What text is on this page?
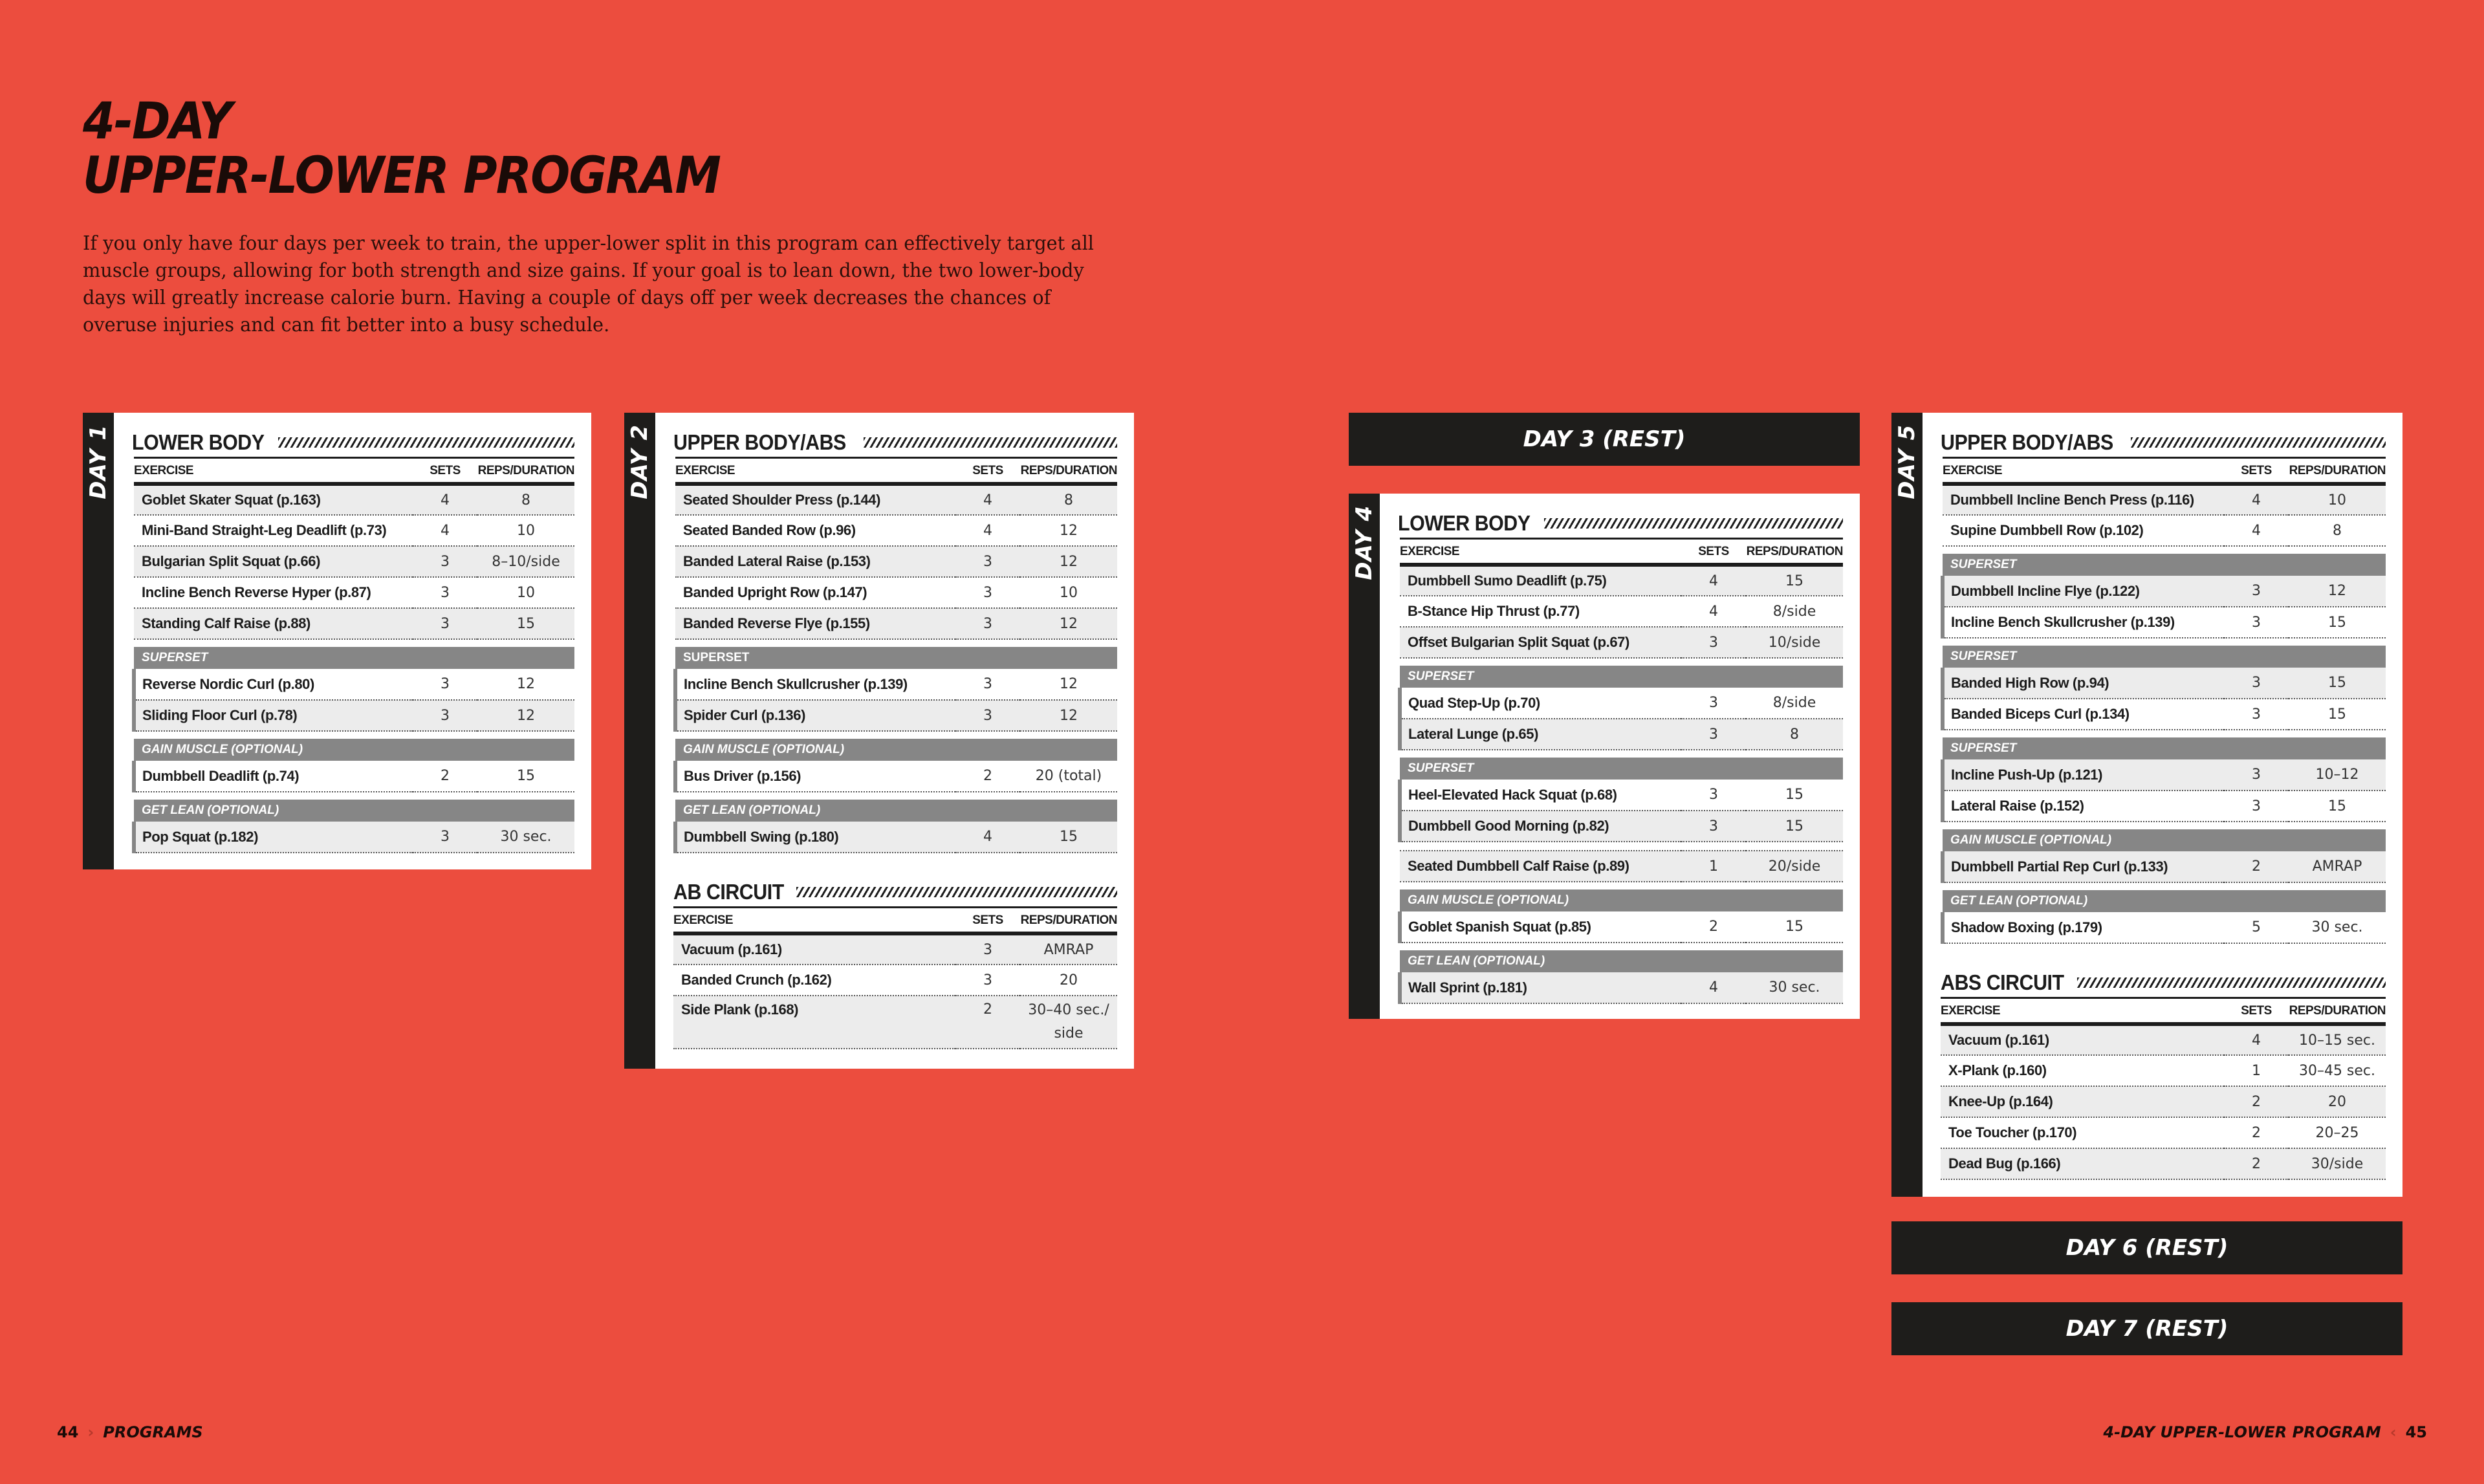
4-DAY
UPPER-LOWER PROGRAM

If you only have four days per week to train, the upper-lower split in this program can effectively target all muscle groups, allowing for both strength and size gains. If your goal is to lean down, the two lower-body days will greatly increase calorie burn. Having a couple of days off per week decreases the chances of overuse injuries and can fit better into a busy schedule.

DAY 1 LOWER BODY
EXERCISE	SETS	REPS/DURATION
Goblet Skater Squat (p.163)	4	8
Mini-Band Straight-Leg Deadlift (p.73)	4	10
Bulgarian Split Squat (p.66)	3	8–10/side
Incline Bench Reverse Hyper (p.87)	3	10
Standing Calf Raise (p.88)	3	15

SUPERSET		
Reverse Nordic Curl (p.80)	3	12
Sliding Floor Curl (p.78)	3	12

GAIN MUSCLE (OPTIONAL)		
Dumbbell Deadlift (p.74)	2	15

GET LEAN (OPTIONAL)		
Pop Squat (p.182)	3	30 sec.
DAY 2 UPPER BODY/ABS
EXERCISE	SETS	REPS/DURATION
Seated Shoulder Press (p.144)	4	8
Seated Banded Row (p.96)	4	12
Banded Lateral Raise (p.153)	3	12
Banded Upright Row (p.147)	3	10
Banded Reverse Flye (p.155)	3	12

SUPERSET		
Incline Bench Skullcrusher (p.139)	3	12
Spider Curl (p.136)	3	12

GAIN MUSCLE (OPTIONAL)		
Bus Driver (p.156)	2	20 (total)

GET LEAN (OPTIONAL)		
Dumbbell Swing (p.180)	4	15
AB CIRCUIT
EXERCISE	SETS	REPS/DURATION
Vacuum (p.161)	3	AMRAP
Banded Crunch (p.162)	3	20
Side Plank (p.168)	2	30–40 sec./ side
DAY 3 (REST)
DAY 4 LOWER BODY
EXERCISE	SETS	REPS/DURATION
Dumbbell Sumo Deadlift (p.75)	4	15
B-Stance Hip Thrust (p.77)	4	8/side
Offset Bulgarian Split Squat (p.67)	3	10/side

SUPERSET		
Quad Step-Up (p.70)	3	8/side
Lateral Lunge (p.65)	3	8

SUPERSET		
Heel-Elevated Hack Squat (p.68)	3	15
Dumbbell Good Morning (p.82)	3	15

Seated Dumbbell Calf Raise (p.89)	1	20/side

GAIN MUSCLE (OPTIONAL)		
Goblet Spanish Squat (p.85)	2	15

GET LEAN (OPTIONAL)		
Wall Sprint (p.181)	4	30 sec.
DAY 5 UPPER BODY/ABS
EXERCISE	SETS	REPS/DURATION
Dumbbell Incline Bench Press (p.116)	4	10
Supine Dumbbell Row (p.102)	4	8

SUPERSET		
Dumbbell Incline Flye (p.122)	3	12
Incline Bench Skullcrusher (p.139)	3	15

SUPERSET		
Banded High Row (p.94)	3	15
Banded Biceps Curl (p.134)	3	15

SUPERSET		
Incline Push-Up (p.121)	3	10–12
Lateral Raise (p.152)	3	15

GAIN MUSCLE (OPTIONAL)		
Dumbbell Partial Rep Curl (p.133)	2	AMRAP

GET LEAN (OPTIONAL)		
Shadow Boxing (p.179)	5	30 sec.
ABS CIRCUIT
EXERCISE	SETS	REPS/DURATION
Vacuum (p.161)	4	10–15 sec.
X-Plank (p.160)	1	30–45 sec.
Knee-Up (p.164)	2	20
Toe Toucher (p.170)	2	20–25
Dead Bug (p.166)	2	30/side
DAY 6 (REST)
DAY 7 (REST)
44 › PROGRAMS	4-DAY UPPER-LOWER PROGRAM ‹ 45
